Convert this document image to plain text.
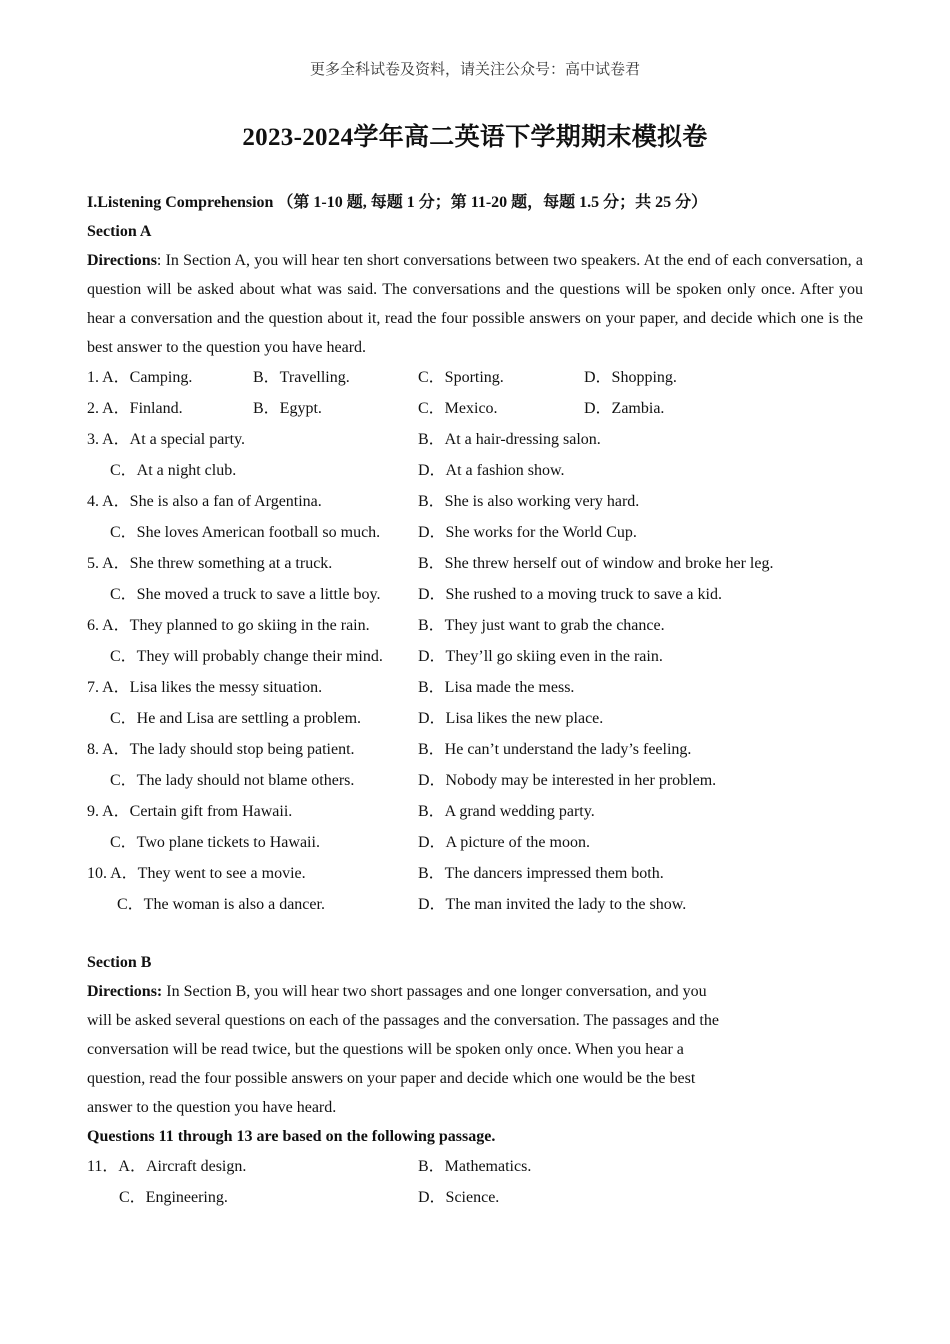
更多全科试卷及资料，请关注公众号：高中试卷君
2023-2024学年高二英语下学期期末模拟卷
I.Listening Comprehension （第 1-10 题, 每题 1 分；第 11-20 题，每题 1.5 分；共 25 分）
Section A
Directions: In Section A, you will hear ten short conversations between two speakers. At the end of each conversation, a question will be asked about what was said. The conversations and the questions will be spoken only once. After you hear a conversation and the question about it, read the four possible answers on your paper, and decide which one is the best answer to the question you have heard.
1. A．Camping.	B．Travelling.	C．Sporting.	D．Shopping.
2. A．Finland.	B．Egypt.	C．Mexico.	D．Zambia.
3. A．At a special party.	B．At a hair-dressing salon.
C．At a night club.	D．At a fashion show.
4. A．She is also a fan of Argentina.	B．She is also working very hard.
C．She loves American football so much. D．She works for the World Cup.
5. A．She threw something at a truck.	B．She threw herself out of window and broke her leg.
C．She moved a truck to save a little boy. D．She rushed to a moving truck to save a kid.
6. A．They planned to go skiing in the rain.	B．They just want to grab the chance.
C．They will probably change their mind. D．They’ll go skiing even in the rain.
7. A．Lisa likes the messy situation.	B．Lisa made the mess.
C．He and Lisa are settling a problem.	D．Lisa likes the new place.
8. A．The lady should stop being patient.	B．He can’t understand the lady’s feeling.
C．The lady should not blame others.	D．Nobody may be interested in her problem.
9. A．Certain gift from Hawaii.	B．A grand wedding party.
C．Two plane tickets to Hawaii.	D．A picture of the moon.
10. A．They went to see a movie.	B．The dancers impressed them both.
C．The woman is also a dancer.	D．The man invited the lady to the show.
Section B
Directions: In Section B, you will hear two short passages and one longer conversation, and you
will be asked several questions on each of the passages and the conversation. The passages and the
conversation will be read twice, but the questions will be spoken only once. When you hear a
question, read the four possible answers on your paper and decide which one would be the best
answer to the question you have heard.
Questions 11 through 13 are based on the following passage.
11．A．Aircraft design.	B．Mathematics.
C．Engineering.	D．Science.
